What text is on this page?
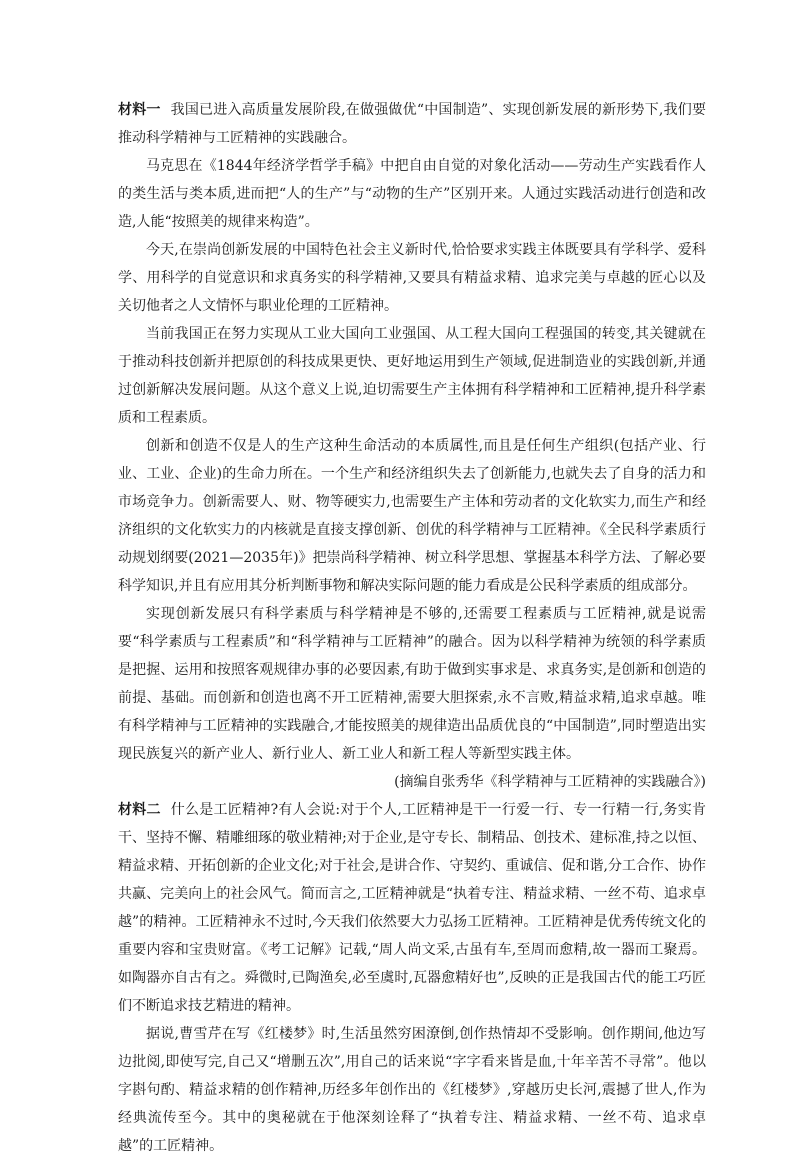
材料一 我国已进入高质量发展阶段,在做强做优“中国制造”、实现创新发展的新形势下,我们要推动科学精神与工匠精神的实践融合。

马克思在《1844年经济学哲学手稿》中把自由自觉的对象化活动——劳动生产实践看作人的类生活与类本质,进而把“人的生产”与“动物的生产”区别开来。人通过实践活动进行创造和改造,人能“按照美的规律来构造”。

今天,在崇尚创新发展的中国特色社会主义新时代,恰恰要求实践主体既要具有学科学、爱科学、用科学的自觉意识和求真务实的科学精神,又要具有精益求精、追求完美与卓越的匠心以及关切他者之人文情怀与职业伦理的工匠精神。

当前我国正在努力实现从工业大国向工业强国、从工程大国向工程强国的转变,其关键就在于推动科技创新并把原创的科技成果更快、更好地运用到生产领域,促进制造业的实践创新,并通过创新解决发展问题。从这个意义上说,迫切需要生产主体拥有科学精神和工匠精神,提升科学素质和工程素质。

创新和创造不仅是人的生产这种生命活动的本质属性,而且是任何生产组织(包括产业、行业、工业、企业)的生命力所在。一个生产和经济组织失去了创新能力,也就失去了自身的活力和市场竞争力。创新需要人、财、物等硬实力,也需要生产主体和劳动者的文化软实力,而生产和经济组织的文化软实力的内核就是直接支撑创新、创优的科学精神与工匠精神。《全民科学素质行动规划纲要(2021—2035年)》把崇尚科学精神、树立科学思想、掌握基本科学方法、了解必要科学知识,并且有应用其分析判断事物和解决实际问题的能力看成是公民科学素质的组成部分。

实现创新发展只有科学素质与科学精神是不够的,还需要工程素质与工匠精神,就是说需要“科学素质与工程素质”和“科学精神与工匠精神”的融合。因为以科学精神为统领的科学素质是把握、运用和按照客观规律办事的必要因素,有助于做到实事求是、求真务实,是创新和创造的前提、基础。而创新和创造也离不开工匠精神,需要大胆探索,永不言败,精益求精,追求卓越。唯有科学精神与工匠精神的实践融合,才能按照美的规律造出品质优良的“中国制造”,同时塑造出实现民族复兴的新产业人、新行业人、新工业人和新工程人等新型实践主体。

(摘编自张秀华《科学精神与工匠精神的实践融合》)

材料二 什么是工匠精神?有人会说:对于个人,工匠精神是干一行爱一行、专一行精一行,务实肯干、坚持不懈、精雕细琢的敬业精神;对于企业,是守专长、制精品、创技术、建标准,持之以恒、精益求精、开拓创新的企业文化;对于社会,是讲合作、守契约、重诚信、促和谐,分工合作、协作共赢、完美向上的社会风气。简而言之,工匠精神就是“执着专注、精益求精、一丝不苟、追求卓越”的精神。工匠精神永不过时,今天我们依然要大力弘扬工匠精神。工匠精神是优秀传统文化的重要内容和宝贵财富。《考工记解》记载,“周人尚文采,古虽有车,至周而愈精,故一器而工聚焉。如陶器亦自古有之。舜微时,已陶渔矣,必至虞时,瓦器愈精好也”,反映的正是我国古代的能工巧匠们不断追求技艺精进的精神。

据说,曹雪芹在写《红楼梦》时,生活虽然穷困潦倒,创作热情却不受影响。创作期间,他边写边批阅,即使写完,自己又“增删五次”,用自己的话来说“字字看来皆是血,十年辛苦不寻常”。他以字斟句酌、精益求精的创作精神,历经多年创作出的《红楼梦》,穿越历史长河,震撼了世人,作为经典流传至今。其中的奥秘就在于他深刻诠释了“执着专注、精益求精、一丝不苟、追求卓越”的工匠精神。
